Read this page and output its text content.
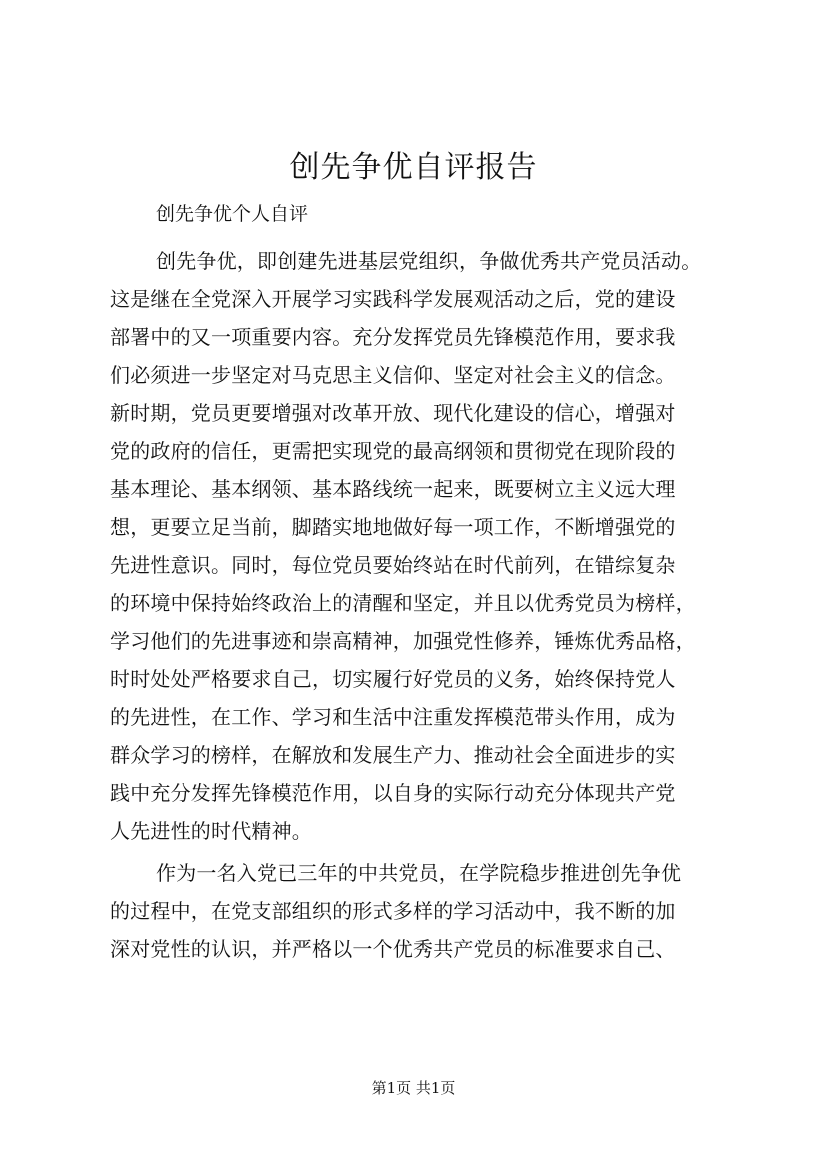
创先争优自评报告

创先争优个人自评

创先争优，即创建先进基层党组织，争做优秀共产党员活动。

这是继在全党深入开展学习实践科学发展观活动之后，党的建设

部署中的又一项重要内容。充分发挥党员先锋模范作用，要求我

们必须进一步坚定对马克思主义信仰、坚定对社会主义的信念。

新时期，党员更要增强对改革开放、现代化建设的信心，增强对

党的政府的信任，更需把实现党的最高纲领和贯彻党在现阶段的

基本理论、基本纲领、基本路线统一起来，既要树立主义远大理

想，更要立足当前，脚踏实地地做好每一项工作，不断增强党的

先进性意识。同时，每位党员要始终站在时代前列，在错综复杂

的环境中保持始终政治上的清醒和坚定，并且以优秀党员为榜样，

学习他们的先进事迹和崇高精神，加强党性修养，锤炼优秀品格，

时时处处严格要求自己，切实履行好党员的义务，始终保持党人

的先进性，在工作、学习和生活中注重发挥模范带头作用，成为

群众学习的榜样，在解放和发展生产力、推动社会全面进步的实

践中充分发挥先锋模范作用，以自身的实际行动充分体现共产党

人先进性的时代精神。

作为一名入党已三年的中共党员，在学院稳步推进创先争优

的过程中，在党支部组织的形式多样的学习活动中，我不断的加

深对党性的认识，并严格以一个优秀共产党员的标准要求自己、

第1页 共1页
